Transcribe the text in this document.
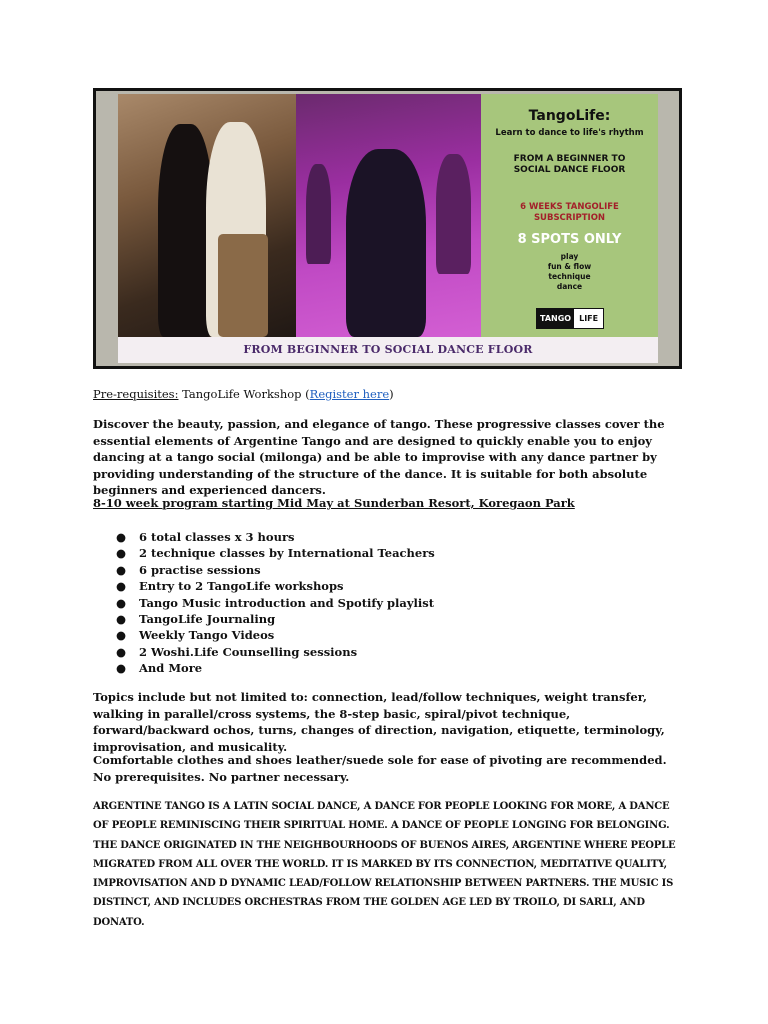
TangoLife:
Learn to dance to life's rhythm
FROM A BEGINNER TO SOCIAL DANCE FLOOR
6 WEEKS TANGOLIFE SUBSCRIPTION
8 SPOTS ONLY
play
fun & flow
technique
dance
TANGO	LIFE
FROM BEGINNER TO SOCIAL DANCE FLOOR
Pre-requisites: TangoLife Workshop (Register here)
Discover the beauty, passion, and elegance of tango. These progressive classes cover the essential elements of Argentine Tango and are designed to quickly enable you to enjoy dancing at a tango social (milonga) and be able to improvise with any dance partner by providing understanding of the structure of the dance. It is suitable for both absolute beginners and experienced dancers.
8-10 week program starting Mid May at Sunderban Resort, Koregaon Park
● 6 total classes x 3 hours
● 2 technique classes by International Teachers
● 6 practise sessions
● Entry to 2 TangoLife workshops
● Tango Music introduction and Spotify playlist
● TangoLife Journaling
● Weekly Tango Videos
● 2 Woshi.Life Counselling sessions
● And More
Topics include but not limited to: connection, lead/follow techniques, weight transfer, walking in parallel/cross systems, the 8-step basic, spiral/pivot technique, forward/backward ochos, turns, changes of direction, navigation, etiquette, terminology, improvisation, and musicality.
Comfortable clothes and shoes leather/suede sole for ease of pivoting are recommended. No prerequisites. No partner necessary.
ARGENTINE TANGO IS A LATIN SOCIAL DANCE, A DANCE FOR PEOPLE LOOKING FOR MORE, A DANCE OF PEOPLE REMINISCING THEIR SPIRITUAL HOME. A DANCE OF PEOPLE LONGING FOR BELONGING. THE DANCE ORIGINATED IN THE NEIGHBOURHOODS OF BUENOS AIRES, ARGENTINE WHERE PEOPLE MIGRATED FROM ALL OVER THE WORLD. IT IS MARKED BY ITS CONNECTION, MEDITATIVE QUALITY, IMPROVISATION AND D DYNAMIC LEAD/FOLLOW RELATIONSHIP BETWEEN PARTNERS. THE MUSIC IS DISTINCT, AND INCLUDES ORCHESTRAS FROM THE GOLDEN AGE LED BY TROILO, DI SARLI, AND DONATO.
